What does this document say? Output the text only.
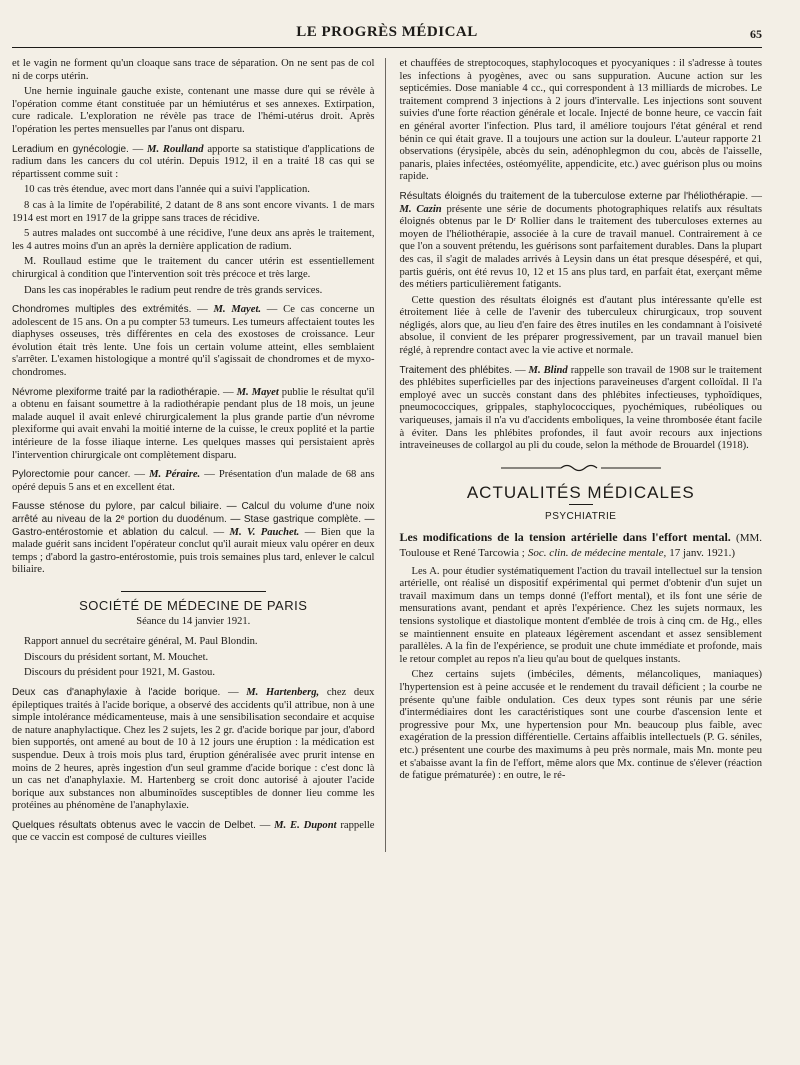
LE PROGRÈS MÉDICAL	65

et le vagin ne forment qu'un cloaque sans trace de séparation. On ne sent pas de col ni de corps utérin.

Une hernie inguinale gauche existe, contenant une masse dure qui se révèle à l'opération comme étant constituée par un hémiutérus et ses annexes. Extirpation, cure radicale. L'exploration ne révèle pas trace de l'hémi-utérus droit. Après l'opération les pertes mensuelles par l'anus ont disparu.

Leradium en gynécologie. — M. Roulland apporte sa statistique d'applications de radium dans les cancers du col utérin. Depuis 1912, il en a traité 18 cas qui se répartissent comme suit :

10 cas très étendue, avec mort dans l'année qui a suivi l'application.

8 cas à la limite de l'opérabilité, 2 datant de 8 ans sont encore vivants. 1 de mars 1914 est mort en 1917 de la grippe sans traces de récidive.

5 autres malades ont succombé à une récidive, l'une deux ans après le traitement, les 4 autres moins d'un an après la dernière application de radium.

M. Roullaud estime que le traitement du cancer utérin est essentiellement chirurgical à condition que l'intervention soit très précoce et très large.

Dans les cas inopérables le radium peut rendre de très grands services.

Chondromes multiples des extrémités. — M. Mayet. — Ce cas concerne un adolescent de 15 ans. On a pu compter 53 tumeurs. Les tumeurs affectaient toutes les diaphyses osseuses, très différentes en cela des exostoses de croissance. Leur évolution était très lente. Une fois un certain volume atteint, elles semblaient s'arrêter. L'examen histologique a montré qu'il s'agissait de chondromes et de myxo-chondromes.

Névrome plexiforme traité par la radiothérapie. — M. Mayet publie le résultat qu'il a obtenu en faisant soumettre à la radiothérapie pendant plus de 18 mois, un jeune malade auquel il avait enlevé chirurgicalement la plus grande partie d'un névrome plexiforme qui avait envahi la moitié interne de la cuisse, le creux poplité et la partie intérieure de la fosse iliaque interne. Les quelques masses qui persistaient après l'intervention chirurgicale ont complètement disparu.

Pylorectomie pour cancer. — M. Péraire. — Présentation d'un malade de 68 ans opéré depuis 5 ans et en excellent état.

Fausse sténose du pylore, par calcul biliaire. — Calcul du volume d'une noix arrêté au niveau de la 2ᵉ portion du duodénum. — Stase gastrique complète. — Gastro-entérostomie et ablation du calcul. — M. V. Pauchet. — Bien que la malade guérit sans incident l'opérateur conclut qu'il aurait mieux valu opérer en deux temps ; d'abord la gastro-entérostomie, puis trois semaines plus tard, enlever le calcul biliaire.

SOCIÉTÉ DE MÉDECINE DE PARIS
Séance du 14 janvier 1921.

Rapport annuel du secrétaire général, M. Paul Blondin.

Discours du président sortant, M. Mouchet.

Discours du président pour 1921, M. Gastou.

Deux cas d'anaphylaxie à l'acide borique. — M. Hartenberg, chez deux épileptiques traités à l'acide borique, a observé des accidents qu'il attribue, non à une simple intolérance médicamenteuse, mais à une sensibilisation secondaire et acquise de nature anaphylactique. Chez les 2 sujets, les 2 gr. d'acide borique par jour, d'abord bien supportés, ont amené au bout de 10 à 12 jours une éruption : la médication est suspendue. Deux à trois mois plus tard, éruption généralisée avec prurit intense en moins de 2 heures, après ingestion d'un seul gramme d'acide borique : c'est donc là un cas net d'anaphylaxie. M. Hartenberg se croit donc autorisé à ajouter l'acide borique aux substances non albuminoïdes susceptibles de donner lieu comme les protéines au phénomène de l'anaphylaxie.

Quelques résultats obtenus avec le vaccin de Delbet. — M. E. Dupont rappelle que ce vaccin est composé de cultures vieilles

et chauffées de streptocoques, staphylocoques et pyocyaniques : il s'adresse à toutes les infections à pyogènes, avec ou sans suppuration. Aucune action sur les septicémies. Dose maniable 4 cc., qui correspondent à 13 milliards de microbes. Le traitement comprend 3 injections à 2 jours d'intervalle. Les injections sont souvent suivies d'une forte réaction générale et locale. Injecté de bonne heure, ce vaccin fait en général avorter l'infection. Plus tard, il améliore toujours l'état général et rend bénin ce qui était grave. Il a toujours une action sur la douleur. L'auteur rapporte 21 observations (érysipèle, abcès du sein, adénophlegmon du cou, abcès de l'aisselle, panaris, plaies infectées, ostéomyélite, appendicite, etc.) avec guérison plus ou moins rapide.

Résultats éloignés du traitement de la tuberculose externe par l'héliothérapie. — M. Cazin présente une série de documents photographiques relatifs aux résultats éloignés obtenus par le Dʳ Rollier dans le traitement des tuberculoses externes au moyen de l'héliothérapie, associée à la cure de travail manuel. Contrairement à ce que l'on a souvent prétendu, les guérisons sont parfaitement durables. Dans la plupart des cas, il s'agit de malades arrivés à Leysin dans un état presque désespéré, et qui, partis guéris, ont été revus 10, 12 et 15 ans plus tard, en parfait état, exerçant même des métiers particulièrement fatigants.

Cette question des résultats éloignés est d'autant plus intéressante qu'elle est étroitement liée à celle de l'avenir des tuberculeux chirurgicaux, trop souvent négligés, alors que, au lieu d'en faire des êtres inutiles en les condamnant à l'oisiveté absolue, il convient de les préparer progressivement, par un travail manuel bien réglé, à reprendre contact avec la vie active et normale.

Traitement des phlébites. — M. Blind rappelle son travail de 1908 sur le traitement des phlébites superficielles par des injections paraveineuses d'argent colloïdal. Il l'a employé avec un succès constant dans des phlébites infectieuses, typhoïdiques, pneumococciques, grippales, staphylococciques, pyochémiques, rubéoliques ou variqueuses, jamais il n'a vu d'accidents emboliques, la veine thrombosée étant facile à éviter. Dans les phlébites profondes, il faut avoir recours aux injections intraveineuses de collargol au pli du coude, selon la méthode de Brouardel (1918).

ACTUALITÉS MÉDICALES
PSYCHIATRIE

Les modifications de la tension artérielle dans l'effort mental. (MM. Toulouse et René Tarcowia ; Soc. clin. de médecine mentale, 17 janv. 1921.)

Les A. pour étudier systématiquement l'action du travail intellectuel sur la tension artérielle, ont réalisé un dispositif expérimental qui permet d'obtenir d'un sujet un travail maximum dans un temps donné (l'effort mental), et ils font une série de mensurations avant, pendant et après l'expérience. Chez les sujets normaux, les tensions systolique et diastolique montent d'emblée de trois à cinq cm. de Hg., elles se maintiennent ensuite en plateaux légèrement ascendant et assez sensiblement parallèles. A la fin de l'expérience, se produit une chute immédiate et profonde, mais le retour complet au repos n'a lieu qu'au bout de quelques instants.

Chez certains sujets (imbéciles, déments, mélancoliques, maniaques) l'hypertension est à peine accusée et le rendement du travail déficient ; la courbe ne présente qu'une faible ondulation. Ces deux types sont réunis par une série d'intermédiaires dont les caractéristiques sont une courbe d'ascension lente et progressive pour Mx, une hypertension pour Mn. beaucoup plus faible, avec exagération de la pression différentielle. Certains affaiblis intellectuels (P. G. séniles, etc.) présentent une courbe des maximums à peu près normale, mais Mn. monte peu et s'abaisse avant la fin de l'effort, même alors que Mx. continue de s'élever (réaction de fatigue prématurée) : en outre, le ré-
